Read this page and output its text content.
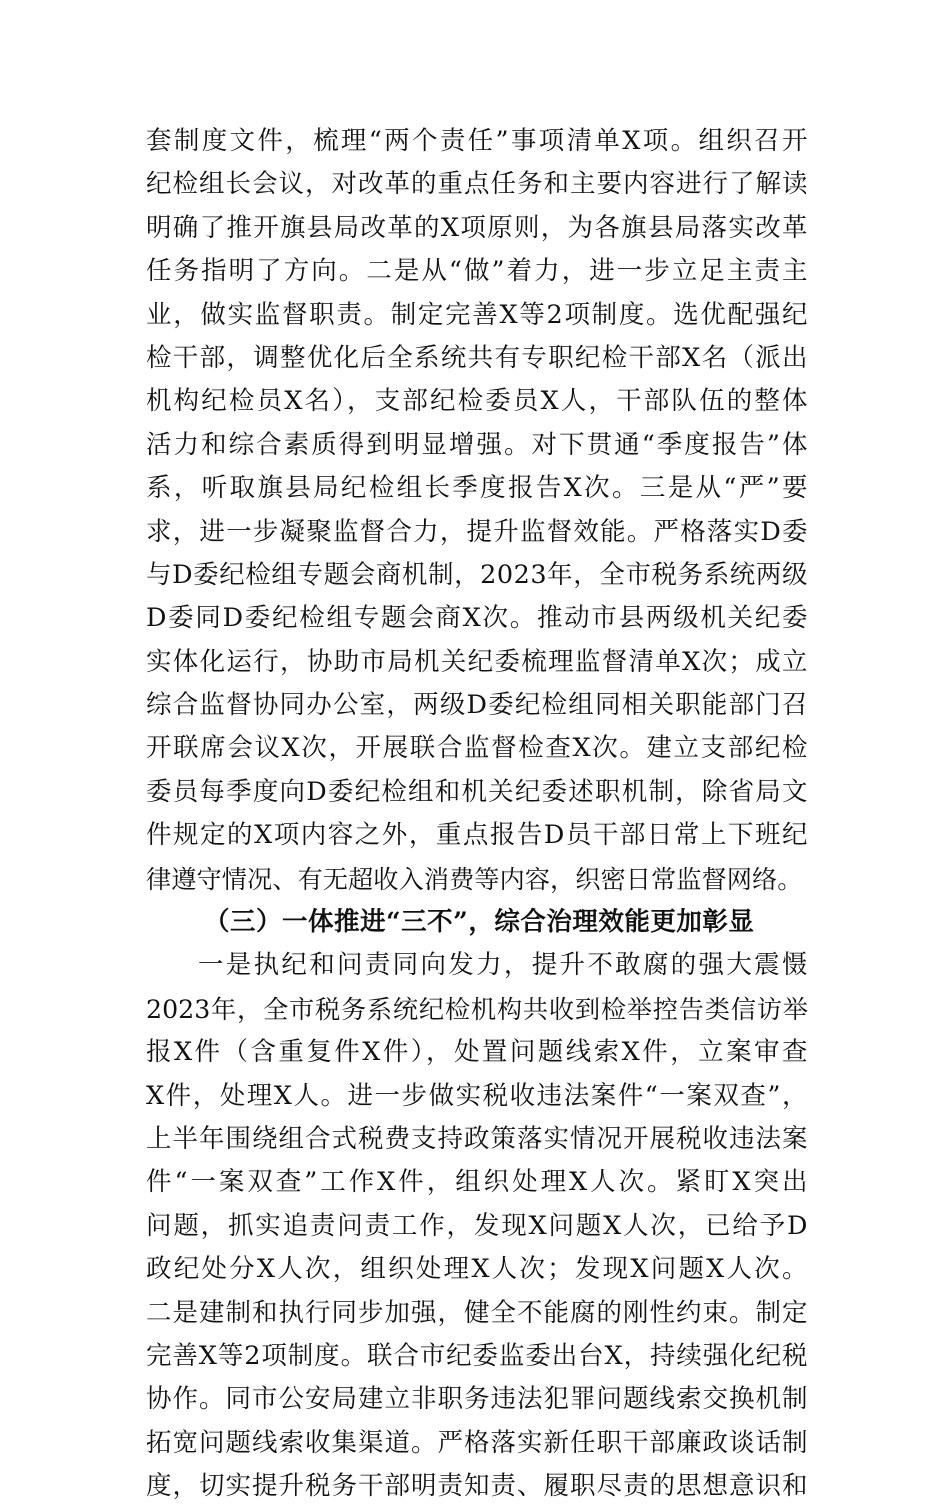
套制度文件，梳理“两个责任”事项清单X项。组织召开
纪检组长会议，对改革的重点任务和主要内容进行了解读
明确了推开旗县局改革的X项原则，为各旗县局落实改革
任务指明了方向。二是从“做”着力，进一步立足主责主
业，做实监督职责。制定完善X等2项制度。选优配强纪
检干部，调整优化后全系统共有专职纪检干部X名（派出
机构纪检员X名），支部纪检委员X人，干部队伍的整体
活力和综合素质得到明显增强。对下贯通“季度报告”体
系，听取旗县局纪检组长季度报告X次。三是从“严”要
求，进一步凝聚监督合力，提升监督效能。严格落实D委
与D委纪检组专题会商机制，2023年，全市税务系统两级
D委同D委纪检组专题会商X次。推动市县两级机关纪委
实体化运行，协助市局机关纪委梳理监督清单X次；成立
综合监督协同办公室，两级D委纪检组同相关职能部门召
开联席会议X次，开展联合监督检查X次。建立支部纪检
委员每季度向D委纪检组和机关纪委述职机制，除省局文
件规定的X项内容之外，重点报告D员干部日常上下班纪
律遵守情况、有无超收入消费等内容，织密日常监督网络。
（三）一体推进“三不”，综合治理效能更加彰显
一是执纪和问责同向发力，提升不敢腐的强大震慑
2023年，全市税务系统纪检机构共收到检举控告类信访举
报X件（含重复件X件），处置问题线索X件，立案审查
X件，处理X人。进一步做实税收违法案件“一案双查”，
上半年围绕组合式税费支持政策落实情况开展税收违法案
件“一案双查”工作X件，组织处理X人次。紧盯X突出
问题，抓实追责问责工作，发现X问题X人次，已给予D
政纪处分X人次，组织处理X人次；发现X问题X人次。
二是建制和执行同步加强，健全不能腐的刚性约束。制定
完善X等2项制度。联合市纪委监委出台X，持续强化纪税
协作。同市公安局建立非职务违法犯罪问题线索交换机制
拓宽问题线索收集渠道。严格落实新任职干部廉政谈话制
度，切实提升税务干部明责知责、履职尽责的思想意识和
